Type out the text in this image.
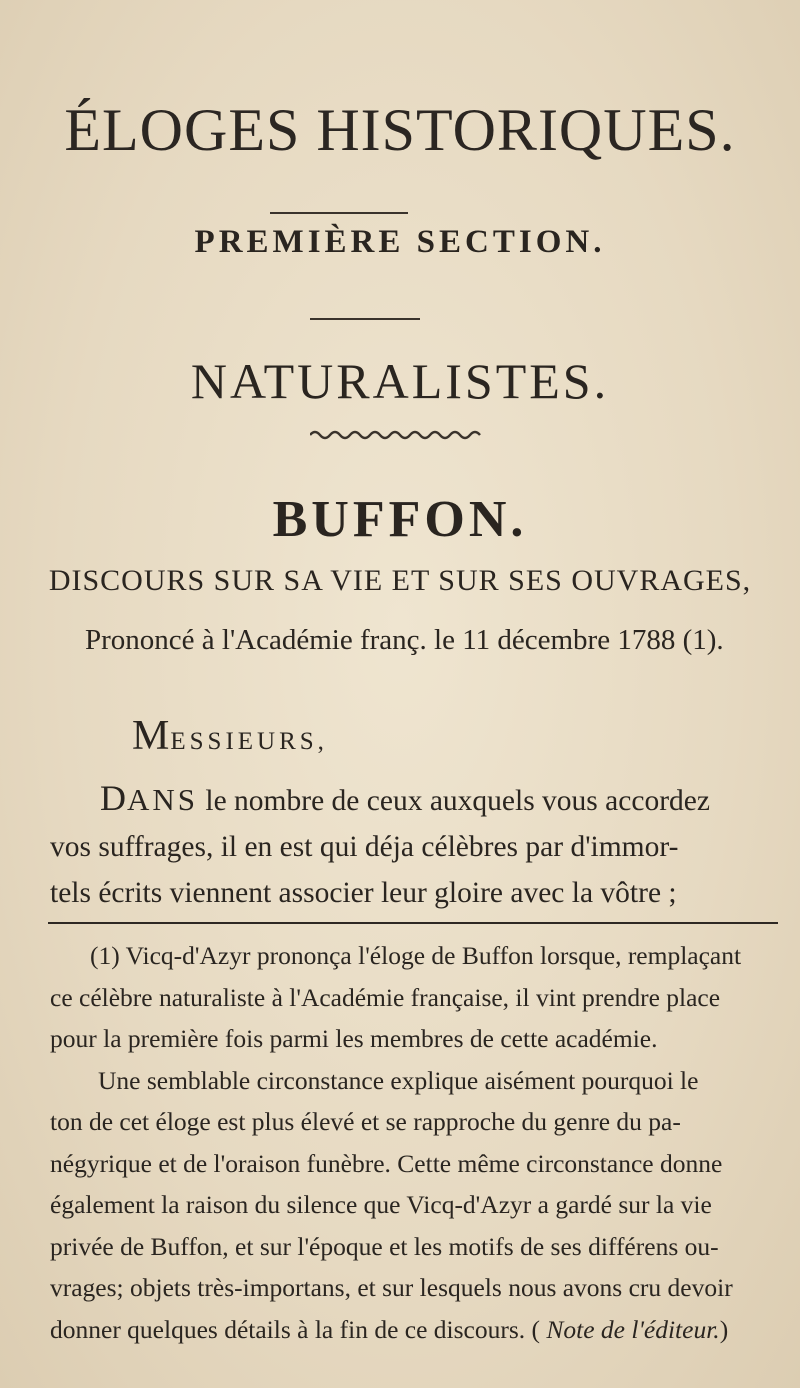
ÉLOGES HISTORIQUES.
PREMIÈRE SECTION.
NATURALISTES.
BUFFON.
DISCOURS SUR SA VIE ET SUR SES OUVRAGES,
Prononcé à l'Académie franç. le 11 décembre 1788 (1).
MESSIEURS,
DANS le nombre de ceux auxquels vous accordez
vos suffrages, il en est qui déja célèbres par d'immor-
tels écrits viennent associer leur gloire avec la vôtre ;
(1) Vicq-d'Azyr prononça l'éloge de Buffon lorsque, remplaçant
ce célèbre naturaliste à l'Académie française, il vint prendre place
pour la première fois parmi les membres de cette académie.
Une semblable circonstance explique aisément pourquoi le
ton de cet éloge est plus élevé et se rapproche du genre du pa-
négyrique et de l'oraison funèbre. Cette même circonstance donne
également la raison du silence que Vicq-d'Azyr a gardé sur la vie
privée de Buffon, et sur l'époque et les motifs de ses différens ou-
vrages; objets très-importans, et sur lesquels nous avons cru devoir
donner quelques détails à la fin de ce discours. ( Note de l'éditeur.)
